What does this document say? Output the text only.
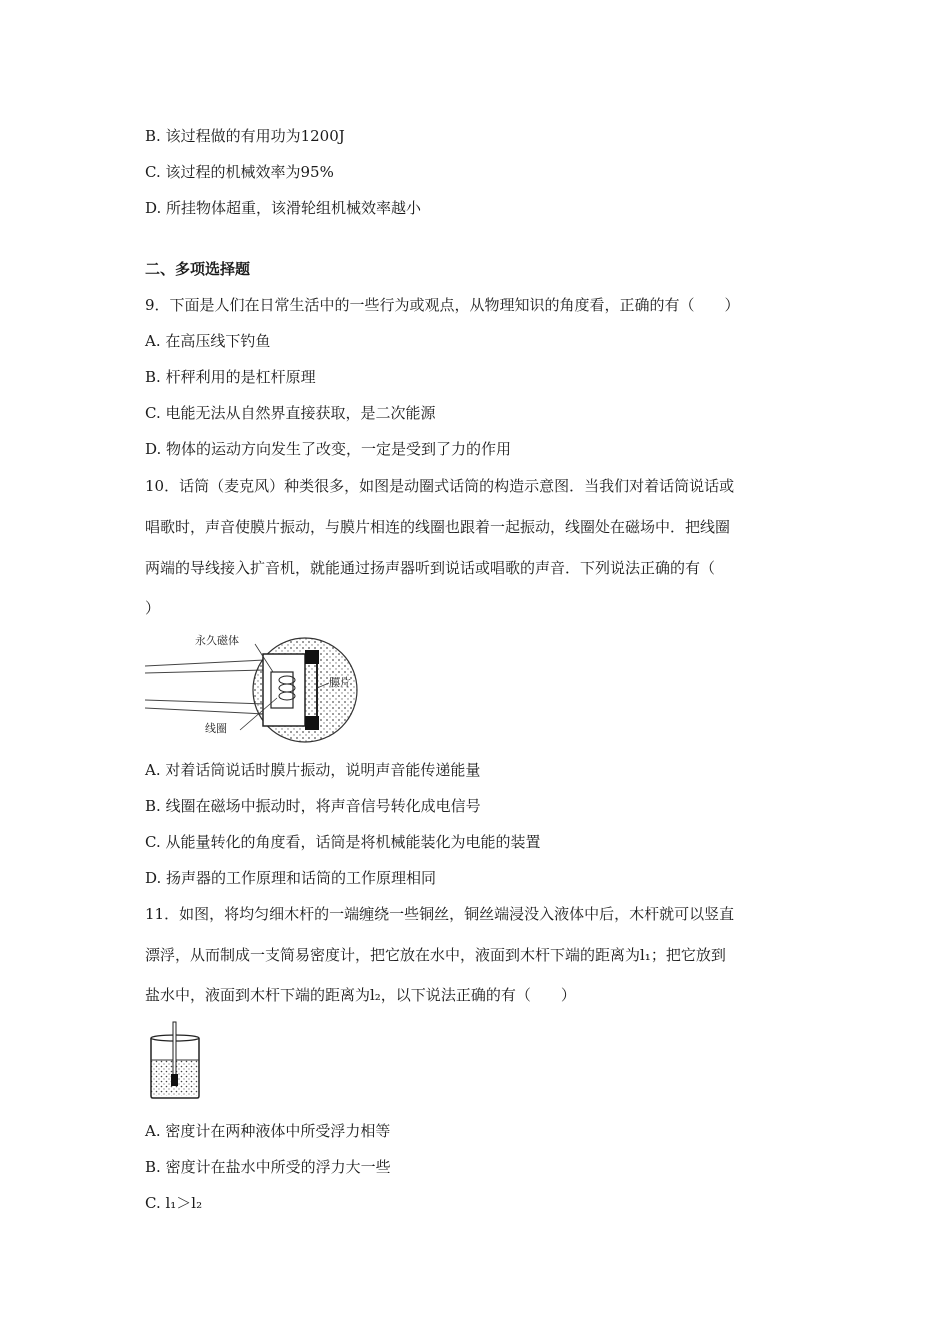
B. 该过程做的有用功为1200J
C. 该过程的机械效率为95%
D. 所挂物体超重，该滑轮组机械效率越小
二、多项选择题
9．下面是人们在日常生活中的一些行为或观点，从物理知识的角度看，正确的有（　　）
A. 在高压线下钓鱼
B. 杆秤利用的是杠杆原理
C. 电能无法从自然界直接获取，是二次能源
D. 物体的运动方向发生了改变，一定是受到了力的作用
10．话筒（麦克风）种类很多，如图是动圈式话筒的构造示意图．当我们对着话筒说话或
唱歌时，声音使膜片振动，与膜片相连的线圈也跟着一起振动，线圈处在磁场中．把线圈
两端的导线接入扩音机，就能通过扬声器听到说话或唱歌的声音．下列说法正确的有（
）
永久磁体
膜片
线圈
A. 对着话筒说话时膜片振动，说明声音能传递能量
B. 线圈在磁场中振动时，将声音信号转化成电信号
C. 从能量转化的角度看，话筒是将机械能装化为电能的装置
D. 扬声器的工作原理和话筒的工作原理相同
11．如图，将均匀细木杆的一端缠绕一些铜丝，铜丝端浸没入液体中后，木杆就可以竖直
漂浮，从而制成一支简易密度计，把它放在水中，液面到木杆下端的距离为l₁；把它放到
盐水中，液面到木杆下端的距离为l₂，以下说法正确的有（　　）
A. 密度计在两种液体中所受浮力相等
B. 密度计在盐水中所受的浮力大一些
C. l₁＞l₂
